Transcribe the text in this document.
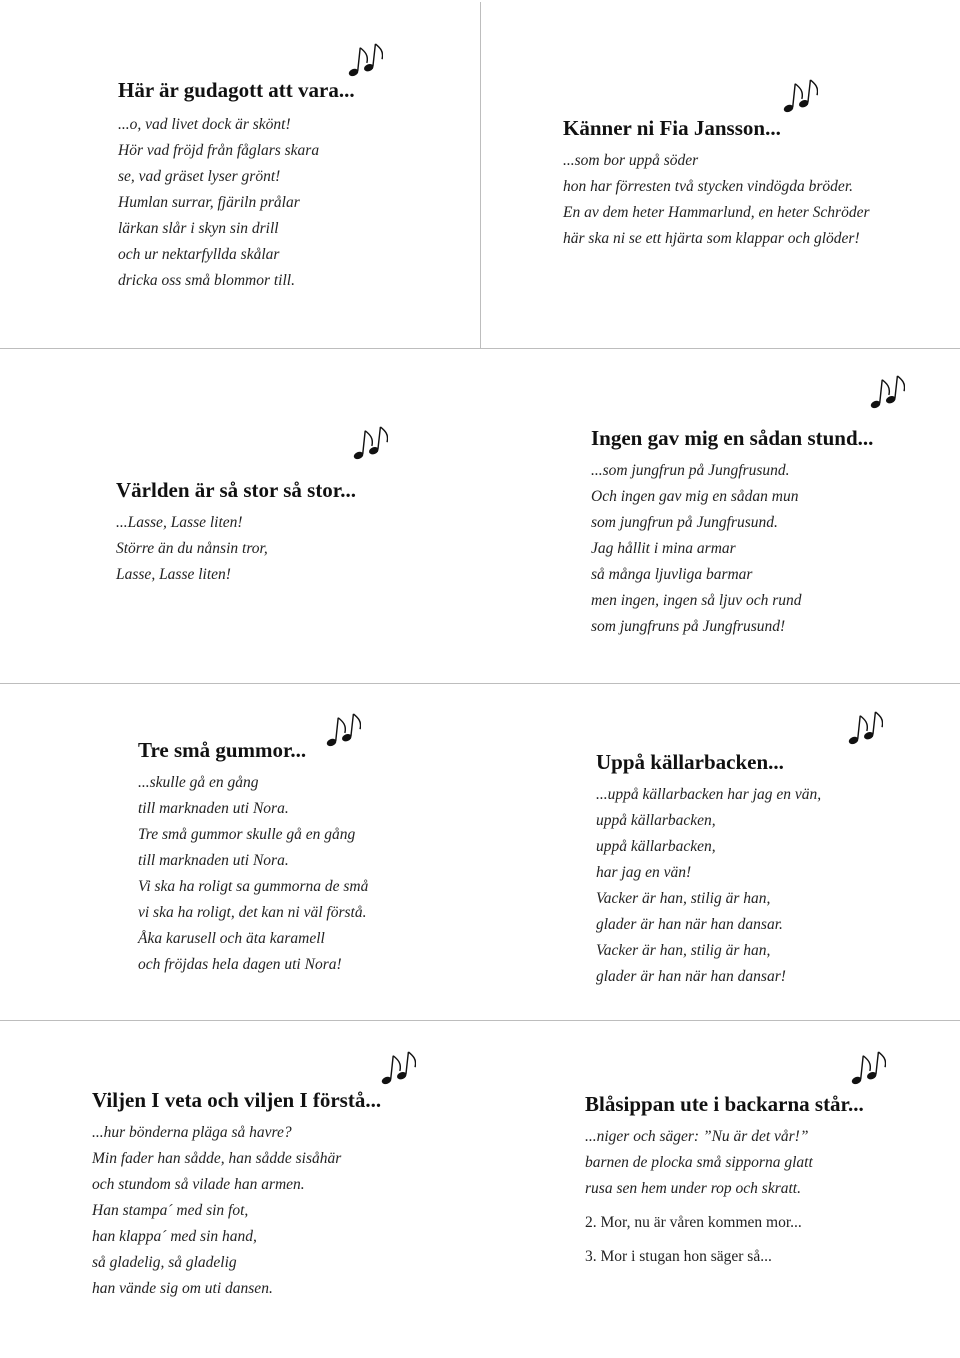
Här är gudagott att vara...
...o, vad livet dock är skönt!
Hör vad fröjd från fåglars skara
se, vad gräset lyser grönt!
Humlan surrar, fjäriln prålar
lärkan slår i skyn sin drill
och ur nektarfyllda skålar
dricka oss små blommor till.
Känner ni Fia Jansson...
...som bor uppå söder
hon har förresten två stycken vindögda bröder.
En av dem heter Hammarlund, en heter Schröder
här ska ni se ett hjärta som klappar och glöder!
Världen är så stor så stor...
...Lasse, Lasse liten!
Större än du nånsin tror,
Lasse, Lasse liten!
Ingen gav mig en sådan stund...
...som jungfrun på Jungfrusund.
Och ingen gav mig en sådan mun
som jungfrun på Jungfrusund.
Jag hållit i mina armar
så många ljuvliga barmar
men ingen, ingen så ljuv och rund
som jungfruns på Jungfrusund!
Tre små gummor...
...skulle gå en gång
till marknaden uti Nora.
Tre små gummor skulle gå en gång
till marknaden uti Nora.
Vi ska ha roligt sa gummorna de små
vi ska ha roligt, det kan ni väl förstå.
Åka karusell och äta karamell
och fröjdas hela dagen uti Nora!
Uppå källarbacken...
...uppå källarbacken har jag en vän,
uppå källarbacken,
uppå källarbacken,
har jag en vän!
Vacker är han, stilig är han,
glader är han när han dansar.
Vacker är han, stilig är han,
glader är han när han dansar!
Viljen I veta och viljen I förstå...
...hur bönderna pläga så havre?
Min fader han sådde, han sådde sisåhär
och stundom så vilade han armen.
Han stampa´ med sin fot,
han klappa´ med sin hand,
så gladelig, så gladelig
han vände sig om uti dansen.
Blåsippan ute i backarna står...
...niger och säger: ”Nu är det vår!”
barnen de plocka små sipporna glatt
rusa sen hem under rop och skratt.
2. Mor, nu är våren kommen mor...
3. Mor i stugan hon säger så...
